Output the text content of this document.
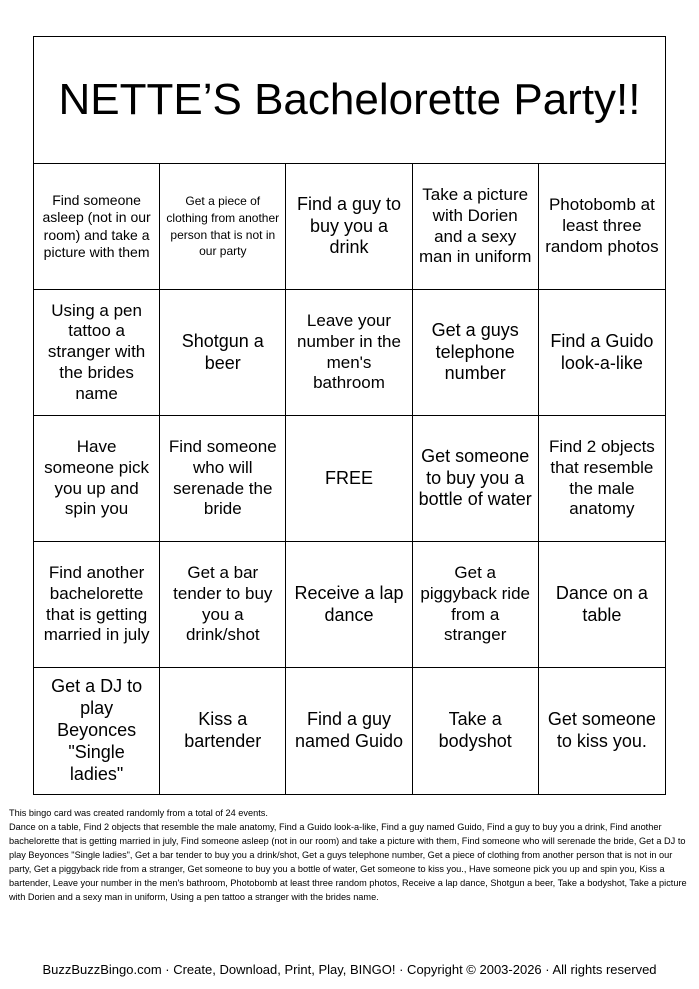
NETTE’S Bachelorette Party!!
Find someone asleep (not in our room) and take a picture with them
Get a piece of clothing from another person that is not in our party
Find a guy to buy you a drink
Take a picture with Dorien and a sexy man in uniform
Photobomb at least three random photos
Using a pen tattoo a stranger with the brides name
Shotgun a beer
Leave your number in the men's bathroom
Get a guys telephone number
Find a Guido look-a-like
Have someone pick you up and spin you
Find someone who will serenade the bride
FREE
Get someone to buy you a bottle of water
Find 2 objects that resemble the male anatomy
Find another bachelorette that is getting married in july
Get a bar tender to buy you a drink/shot
Receive a lap dance
Get a piggyback ride from a stranger
Dance on a table
Get a DJ to play Beyonces "Single ladies"
Kiss a bartender
Find a guy named Guido
Take a bodyshot
Get someone to kiss you.
This bingo card was created randomly from a total of 24 events.
Dance on a table, Find 2 objects that resemble the male anatomy, Find a Guido look-a-like, Find a guy named Guido, Find a guy to buy you a drink, Find another bachelorette that is getting married in july, Find someone asleep (not in our room) and take a picture with them, Find someone who will serenade the bride, Get a DJ to play Beyonces "Single ladies", Get a bar tender to buy you a drink/shot, Get a guys telephone number, Get a piece of clothing from another person that is not in our party, Get a piggyback ride from a stranger, Get someone to buy you a bottle of water, Get someone to kiss you., Have someone pick you up and spin you, Kiss a bartender, Leave your number in the men's bathroom, Photobomb at least three random photos, Receive a lap dance, Shotgun a beer, Take a bodyshot, Take a picture with Dorien and a sexy man in uniform, Using a pen tattoo a stranger with the brides name.
BuzzBuzzBingo.com · Create, Download, Print, Play, BINGO! · Copyright © 2003-2026 · All rights reserved
